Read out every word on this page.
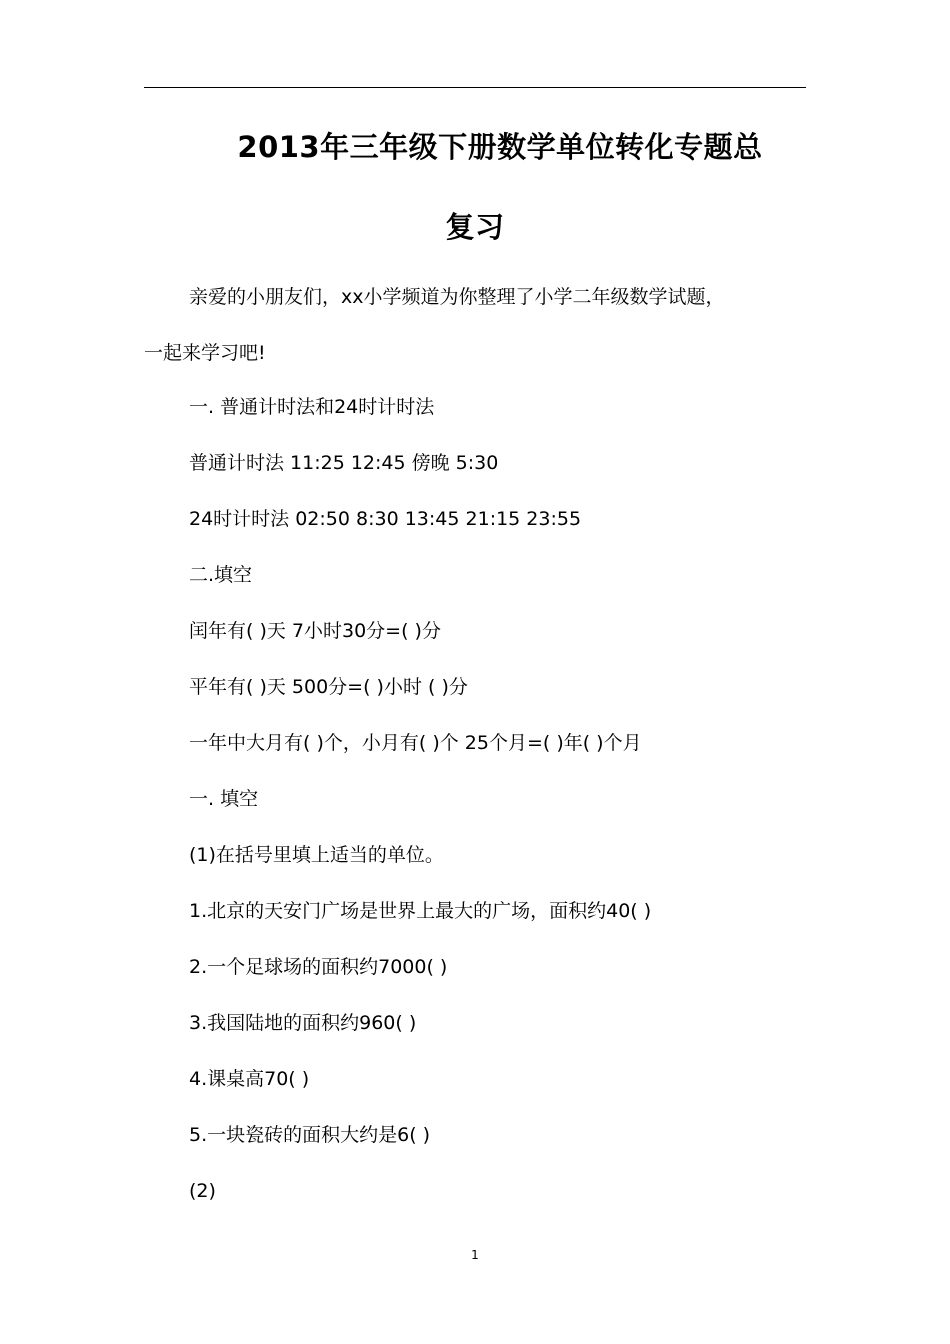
2013年三年级下册数学单位转化专题总
复习
亲爱的小朋友们，xx小学频道为你整理了小学二年级数学试题，
一起来学习吧!
一. 普通计时法和24时计时法
普通计时法 11:25 12:45 傍晚 5:30
24时计时法 02:50 8:30 13:45 21:15 23:55
二.填空
闰年有( )天 7小时30分=( )分
平年有( )天 500分=( )小时 ( )分
一年中大月有( )个，小月有( )个 25个月=( )年( )个月
一. 填空
(1)在括号里填上适当的单位。
1.北京的天安门广场是世界上最大的广场，面积约40( )
2.一个足球场的面积约7000( )
3.我国陆地的面积约960( )
4.课桌高70( )
5.一块瓷砖的面积大约是6( )
(2)
1
